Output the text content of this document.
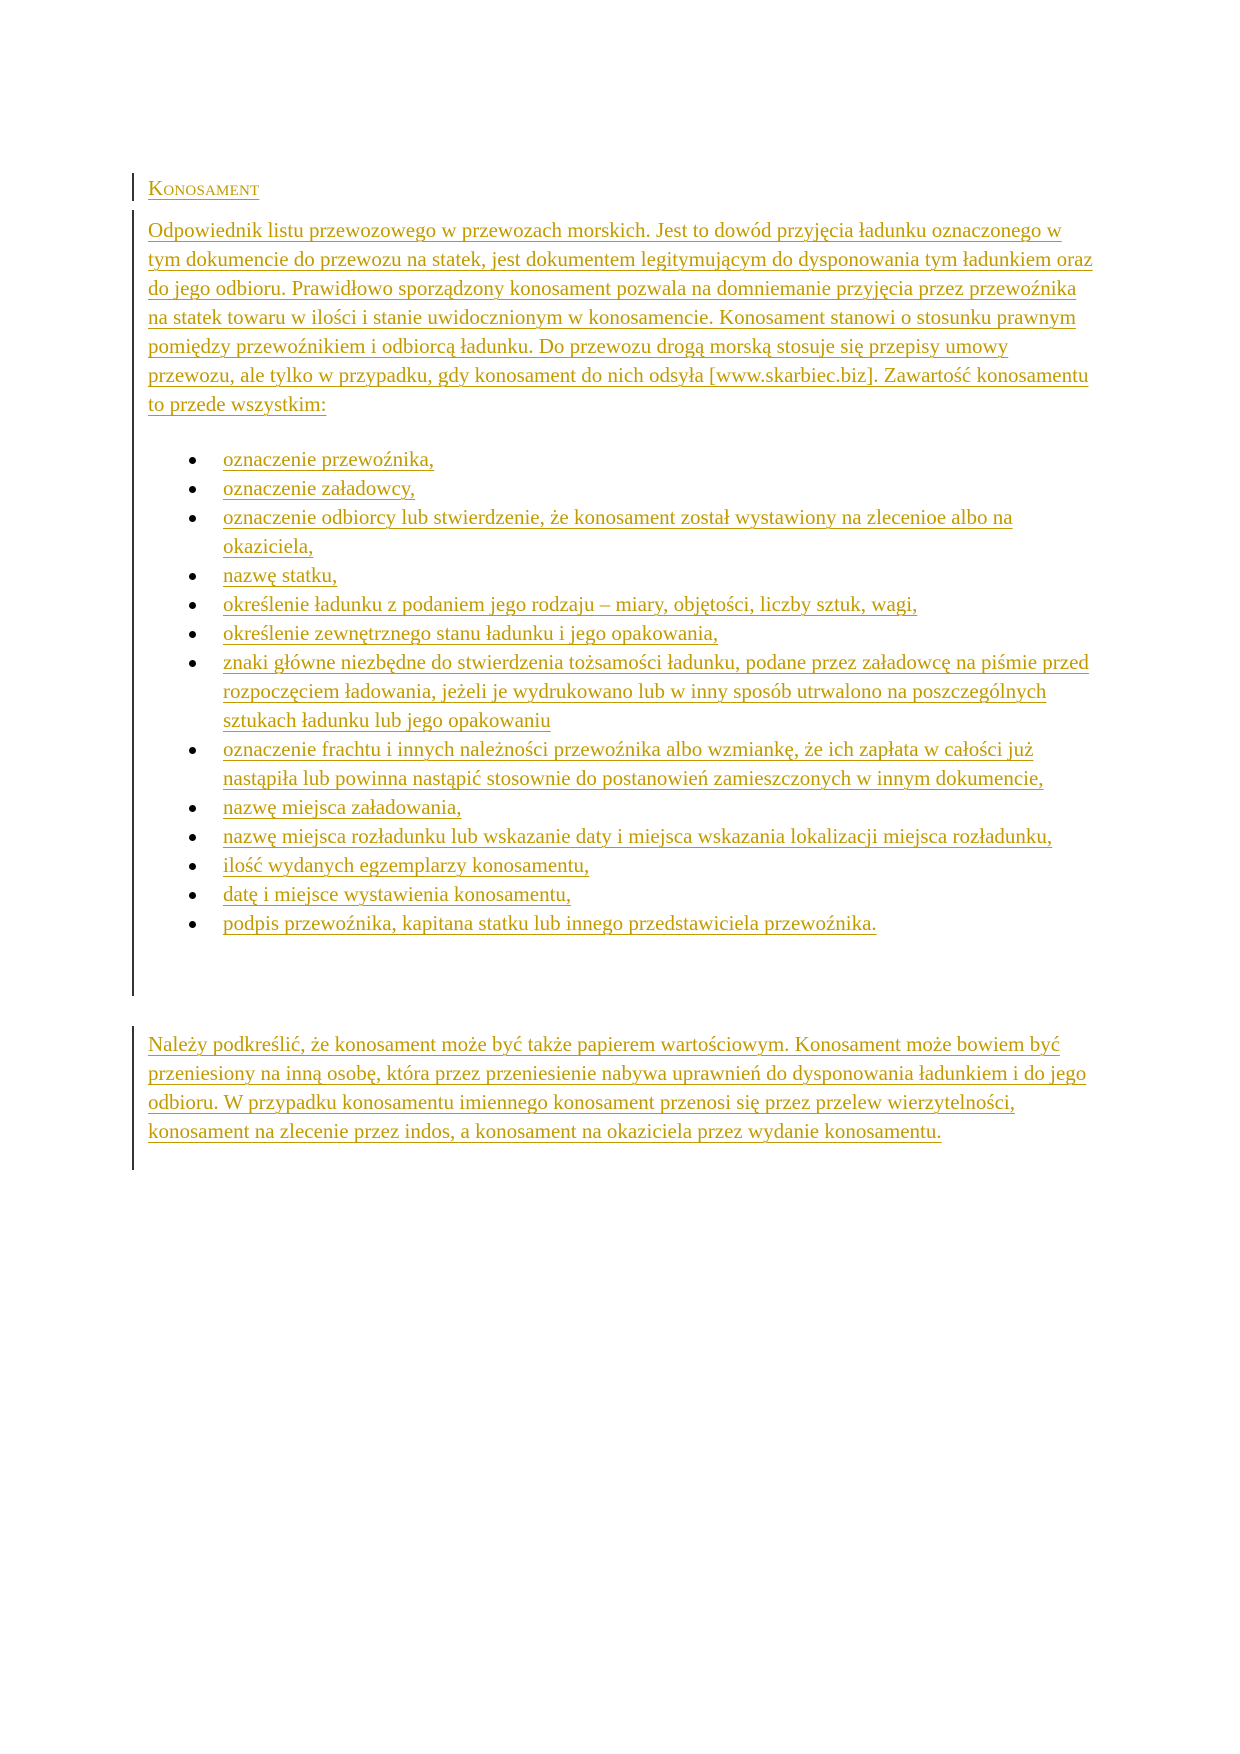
Konosament

Odpowiednik listu przewozowego w przewozach morskich. Jest to dowód przyjęcia ładunku oznaczonego w tym dokumencie do przewozu na statek, jest dokumentem legitymującym do dysponowania tym ładunkiem oraz do jego odbioru. Prawidłowo sporządzony konosament pozwala na domniemanie przyjęcia przez przewoźnika na statek towaru w ilości i stanie uwidocznionym w konosamencie. Konosament stanowi o stosunku prawnym pomiędzy przewoźnikiem i odbiorcą ładunku. Do przewozu drogą morską stosuje się przepisy umowy przewozu, ale tylko w przypadku, gdy konosament do nich odsyła [www.skarbiec.biz]. Zawartość konosamentu to przede wszystkim:

oznaczenie przewoźnika,
oznaczenie załadowcy,
oznaczenie odbiorcy lub stwierdzenie, że konosament został wystawiony na zlecenioe albo na okaziciela,
nazwę statku,
określenie ładunku z podaniem jego rodzaju – miary, objętości, liczby sztuk, wagi,
określenie zewnętrznego stanu ładunku i jego opakowania,
znaki główne niezbędne do stwierdzenia tożsamości ładunku, podane przez załadowcę na piśmie przed rozpoczęciem ładowania, jeżeli je wydrukowano lub w inny sposób utrwalono na poszczególnych sztukach ładunku lub jego opakowaniu
oznaczenie frachtu i innych należności przewoźnika albo wzmiankę, że ich zapłata w całości już nastąpiła lub powinna nastąpić stosownie do postanowień zamieszczonych w innym dokumencie,
nazwę miejsca załadowania,
nazwę miejsca rozładunku lub wskazanie daty i miejsca wskazania lokalizacji miejsca rozładunku,
ilość wydanych egzemplarzy konosamentu,
datę i miejsce wystawienia konosamentu,
podpis przewoźnika, kapitana statku lub innego przedstawiciela przewoźnika.

Należy podkreślić, że konosament może być także papierem wartościowym. Konosament może bowiem być przeniesiony na inną osobę, która przez przeniesienie nabywa uprawnień do dysponowania ładunkiem i do jego odbioru. W przypadku konosamentu imiennego konosament przenosi się przez przelew wierzytelności, konosament na zlecenie przez indos, a konosament na okaziciela przez wydanie konosamentu.
